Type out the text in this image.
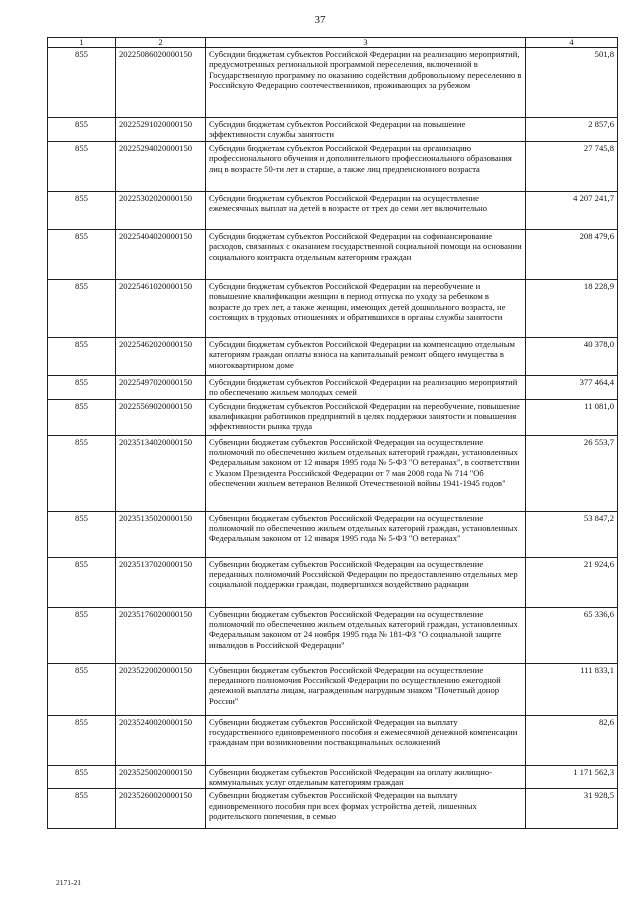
37
1	2	3	4
855	20225086020000150	Субсидии бюджетам субъектов Российской Федерации на реализацию мероприятий, предусмотренных региональной программой переселения, включенной в Государственную программу по оказанию содействия добровольному переселению в Российскую Федерацию соотечественников, проживающих за рубежом	501,8
855	20225291020000150	Субсидии бюджетам субъектов Российской Федерации на повышение эффективности службы занятости	2 857,6
855	20225294020000150	Субсидии бюджетам субъектов Российской Федерации на организацию профессионального обучения и дополнительного профессионального образования лиц в возрасте 50-ти лет и старше, а также лиц предпенсионного возраста	27 745,8
855	20225302020000150	Субсидии бюджетам субъектов Российской Федерации на осуществление ежемесячных выплат на детей в возрасте от трех до семи лет включительно	4 207 241,7
855	20225404020000150	Субсидии бюджетам субъектов Российской Федерации на софинансирование расходов, связанных с оказанием государственной социальной помощи на основании социального контракта отдельным категориям граждан	208 479,6
855	20225461020000150	Субсидии бюджетам субъектов Российской Федерации на переобучение и повышение квалификации женщин в период отпуска по уходу за ребенком в возрасте до трех лет, а также женщин, имеющих детей дошкольного возраста, не состоящих в трудовых отношениях и обратившихся в органы службы занятости	18 228,9
855	20225462020000150	Субсидии бюджетам субъектов Российской Федерации на компенсацию отдельным категориям граждан оплаты взноса на капитальный ремонт общего имущества в многоквартирном доме	40 378,0
855	20225497020000150	Субсидии бюджетам субъектов Российской Федерации на реализацию мероприятий по обеспечению жильем молодых семей	377 464,4
855	20225569020000150	Субсидии бюджетам субъектов Российской Федерации на переобучение, повышение квалификации работников предприятий в целях поддержки занятости и повышения эффективности рынка труда	11 081,0
855	20235134020000150	Субвенции бюджетам субъектов Российской Федерации на осуществление полномочий по обеспечению жильем отдельных категорий граждан, установленных Федеральным законом от 12 января 1995 года № 5-ФЗ "О ветеранах", в соответствии с Указом Президента Российской Федерации от 7 мая 2008 года № 714 "Об обеспечении жильем ветеранов Великой Отечественной войны 1941-1945 годов"	26 553,7
855	20235135020000150	Субвенции бюджетам субъектов Российской Федерации на осуществление полномочий по обеспечению жильем отдельных категорий граждан, установленных Федеральным законом от 12 января 1995 года № 5-ФЗ "О ветеранах"	53 847,2
855	20235137020000150	Субвенции бюджетам субъектов Российской Федерации на осуществление переданных полномочий Российской Федерации по предоставлению отдельных мер социальной поддержки граждан, подвергшихся воздействию радиации	21 924,6
855	20235176020000150	Субвенции бюджетам субъектов Российской Федерации на осуществление полномочий по обеспечению жильем отдельных категорий граждан, установленных Федеральным законом от 24 ноября 1995 года № 181-ФЗ "О социальной защите инвалидов в Российской Федерации"	65 336,6
855	20235220020000150	Субвенции бюджетам субъектов Российской Федерации на осуществление переданного полномочия Российской Федерации по осуществлению ежегодной денежной выплаты лицам, награжденным нагрудным знаком "Почетный донор России"	111 833,1
855	20235240020000150	Субвенции бюджетам субъектов Российской Федерации на выплату государственного единовременного пособия и ежемесячной денежной компенсации гражданам при возникновении поствакцинальных осложнений	82,6
855	20235250020000150	Субвенции бюджетам субъектов Российской Федерации на оплату жилищно-коммунальных услуг отдельным категориям граждан	1 171 562,3
855	20235260020000150	Субвенции бюджетам субъектов Российской Федерации на выплату единовременного пособия при всех формах устройства детей, лишенных родительского попечения, в семью	31 928,5
2171-21
